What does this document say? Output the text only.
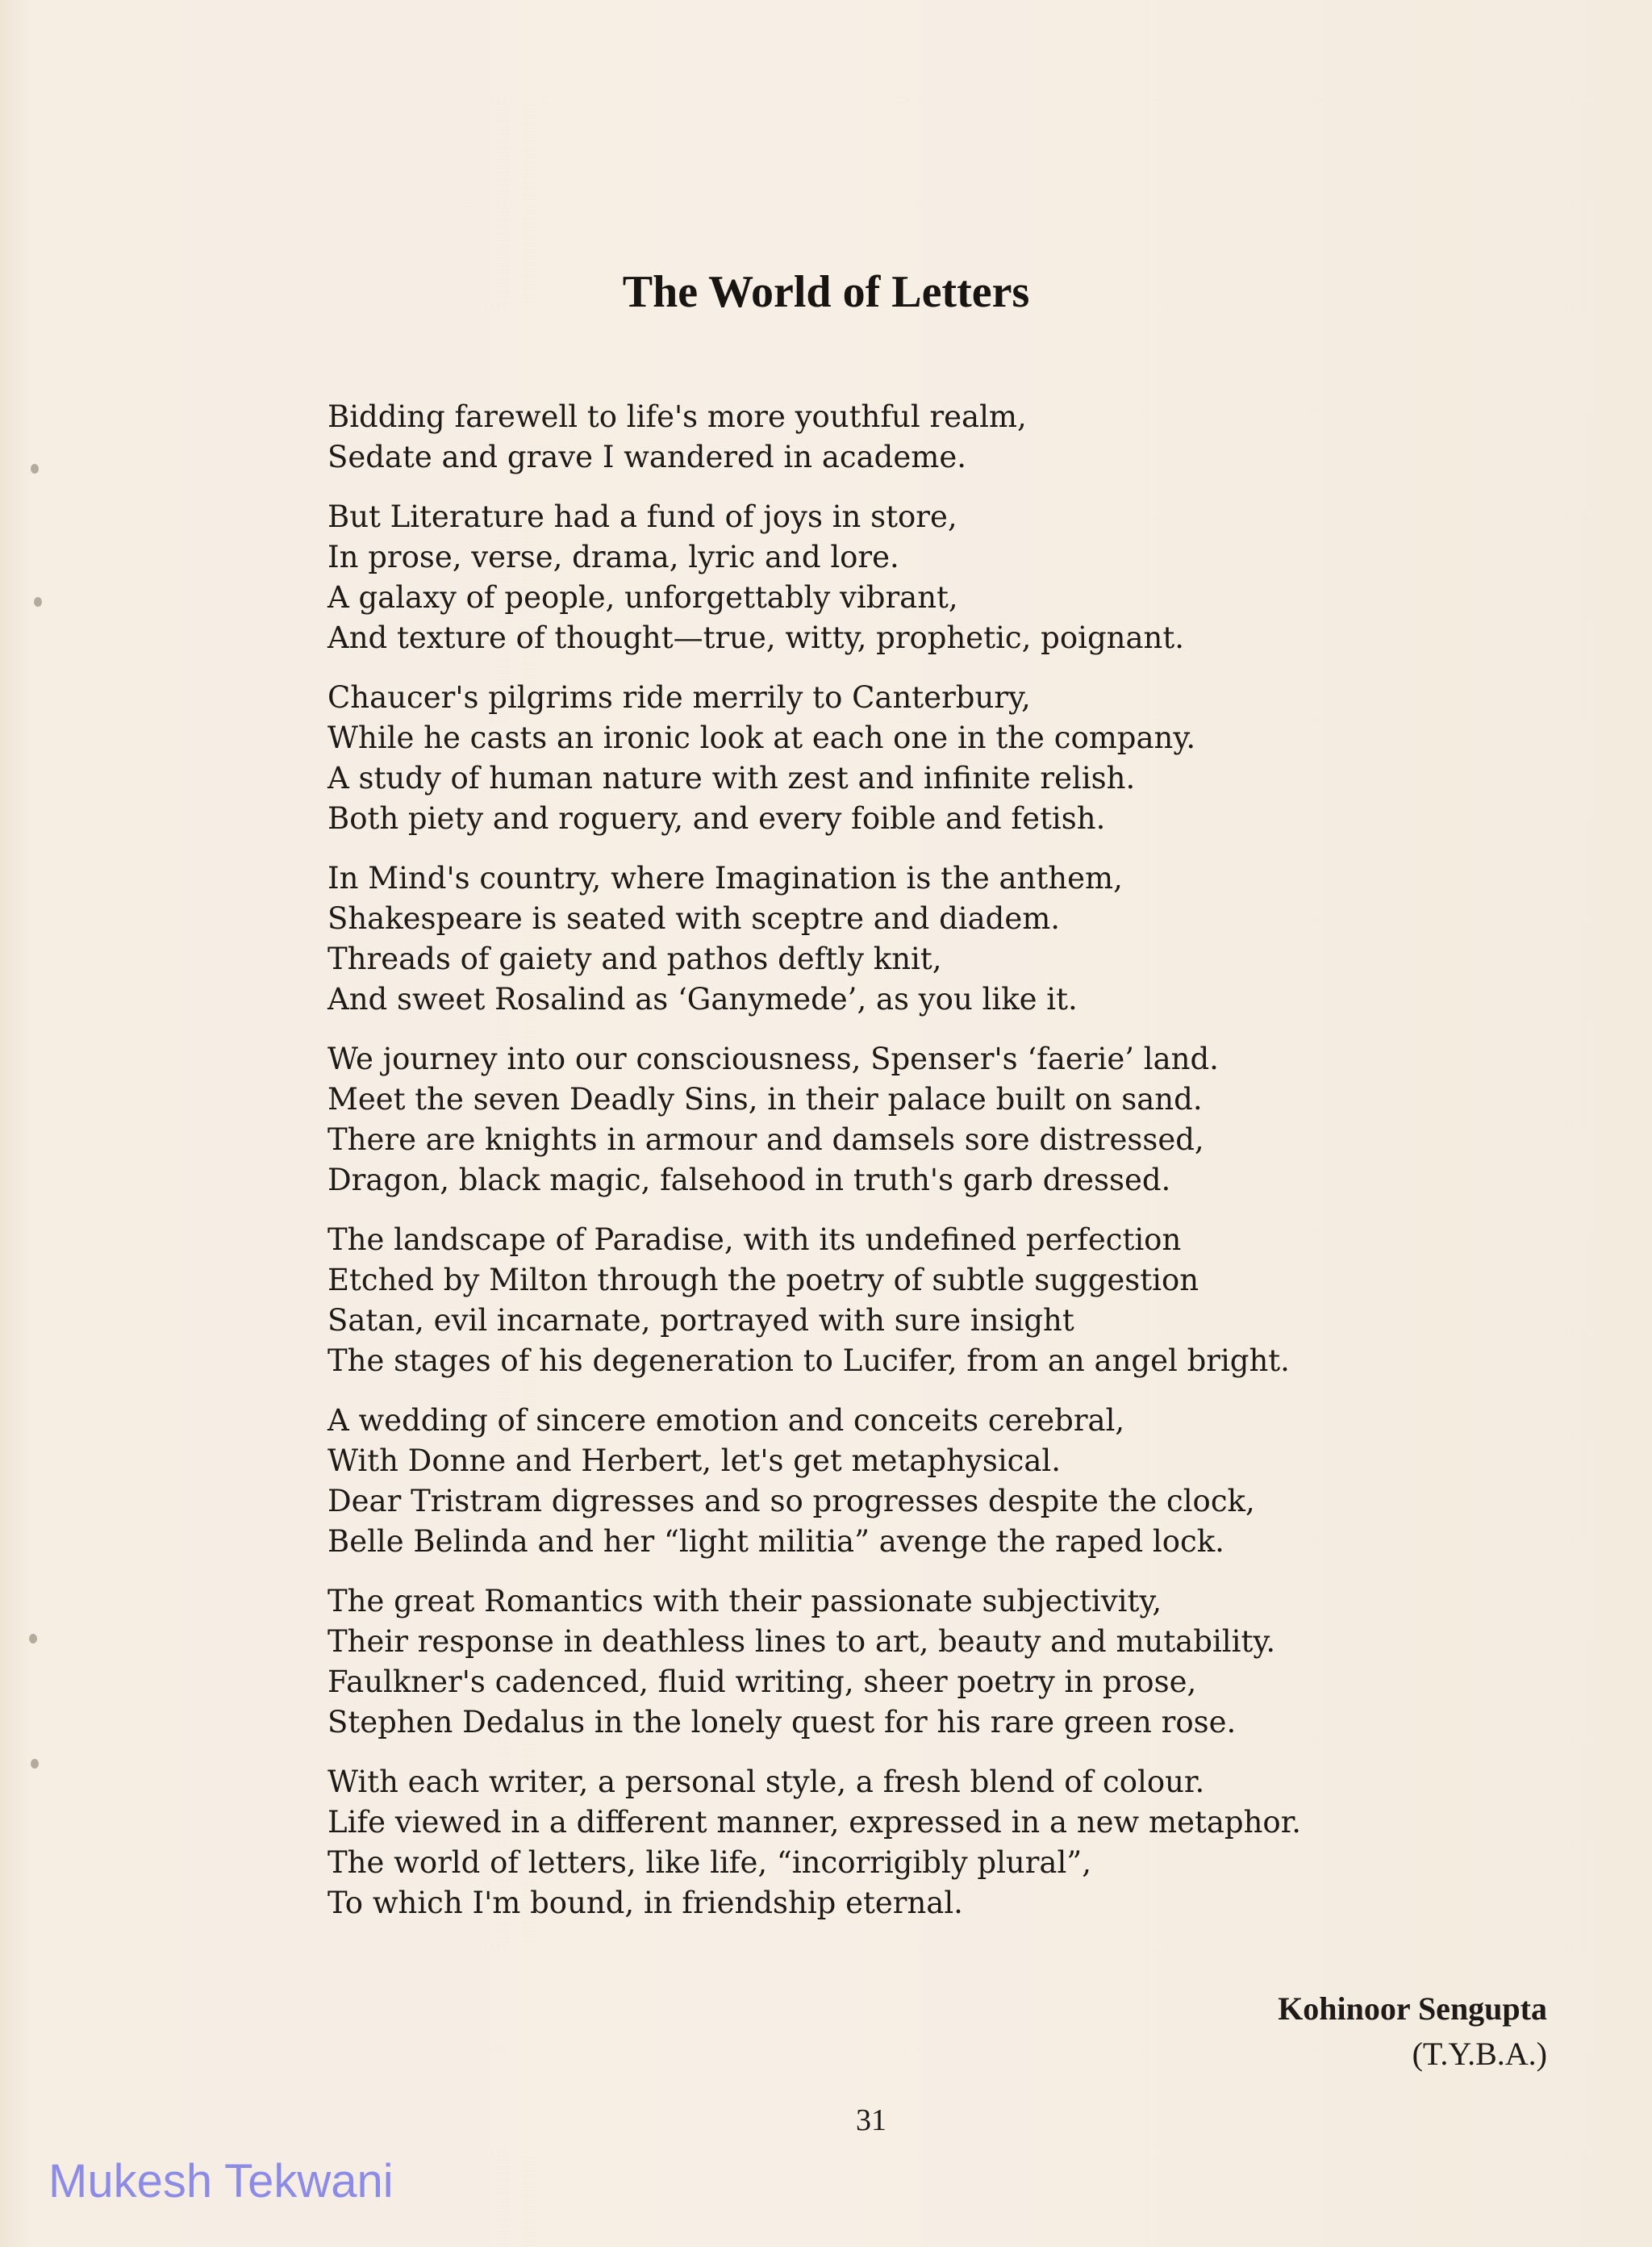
The World of Letters
Bidding farewell to life's more youthful realm,
Sedate and grave I wandered in academe.
But Literature had a fund of joys in store,
In prose, verse, drama, lyric and lore.
A galaxy of people, unforgettably vibrant,
And texture of thought—true, witty, prophetic, poignant.
Chaucer's pilgrims ride merrily to Canterbury,
While he casts an ironic look at each one in the company.
A study of human nature with zest and infinite relish.
Both piety and roguery, and every foible and fetish.
In Mind's country, where Imagination is the anthem,
Shakespeare is seated with sceptre and diadem.
Threads of gaiety and pathos deftly knit,
And sweet Rosalind as ‘Ganymede’, as you like it.
We journey into our consciousness, Spenser's ‘faerie’ land.
Meet the seven Deadly Sins, in their palace built on sand.
There are knights in armour and damsels sore distressed,
Dragon, black magic, falsehood in truth's garb dressed.
The landscape of Paradise, with its undefined perfection
Etched by Milton through the poetry of subtle suggestion
Satan, evil incarnate, portrayed with sure insight
The stages of his degeneration to Lucifer, from an angel bright.
A wedding of sincere emotion and conceits cerebral,
With Donne and Herbert, let's get metaphysical.
Dear Tristram digresses and so progresses despite the clock,
Belle Belinda and her “light militia” avenge the raped lock.
The great Romantics with their passionate subjectivity,
Their response in deathless lines to art, beauty and mutability.
Faulkner's cadenced, fluid writing, sheer poetry in prose,
Stephen Dedalus in the lonely quest for his rare green rose.
With each writer, a personal style, a fresh blend of colour.
Life viewed in a different manner, expressed in a new metaphor.
The world of letters, like life, “incorrigibly plural”,
To which I'm bound, in friendship eternal.
Kohinoor Sengupta
(T.Y.B.A.)
31
Mukesh Tekwani
